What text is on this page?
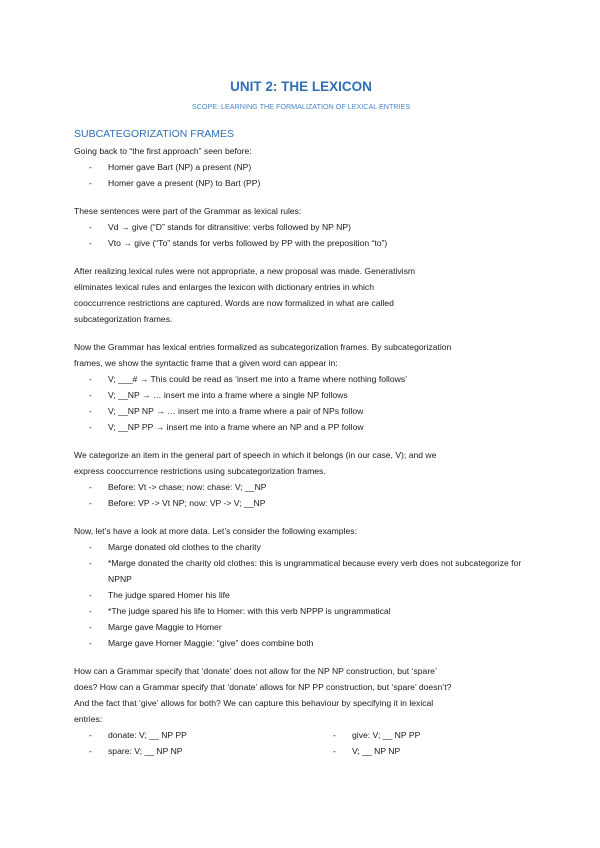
UNIT 2: THE LEXICON
SCOPE: LEARNING THE FORMALIZATION OF LEXICAL ENTRIES
SUBCATEGORIZATION FRAMES

Going back to “the first approach” seen before:

- Homer gave Bart (NP) a present (NP)
- Homer gave a present (NP) to Bart (PP)

These sentences were part of the Grammar as lexical rules:

- Vd → give (“D” stands for ditransitive: verbs followed by NP NP)
- Vto → give (“To” stands for verbs followed by PP with the preposition “to”)

After realizing lexical rules were not appropriate, a new proposal was made. Generativism

eliminates lexical rules and enlarges the lexicon with dictionary entries in which

cooccurrence restrictions are captured. Words are now formalized in what are called

subcategorization frames.

Now the Grammar has lexical entries formalized as subcategorization frames. By subcategorization

frames, we show the syntactic frame that a given word can appear in:

- V; ___# → This could be read as ‘insert me into a frame where nothing follows’
- V; __NP → … insert me into a frame where a single NP follows
- V; __NP NP → … insert me into a frame where a pair of NPs follow
- V; __NP PP → insert me into a frame where an NP and a PP follow

We categorize an item in the general part of speech in which it belongs (in our case, V); and we

express cooccurrence restrictions using subcategorization frames.

- Before: Vt -> chase; now: chase: V; __NP
- Before: VP -> Vt NP; now: VP -> V; __NP

Now, let’s have a look at more data. Let’s consider the following examples:

- Marge donated old clothes to the charity
- *Marge donated the charity old clothes: this is ungrammatical because every verb does not subcategorize for NPNP
- The judge spared Homer his life
- *The judge spared his life to Homer: with this verb NPPP is ungrammatical
- Marge gave Maggie to Homer
- Marge gave Homer Maggie: “give” does combine both

How can a Grammar specify that ‘donate’ does not allow for the NP NP construction, but ‘spare’

does? How can a Grammar specify that ‘donate’ allows for NP PP construction, but ‘spare’ doesn’t?

And the fact that ‘give’ allows for both? We can capture this behaviour by specifying it in lexical

entries:

- donate: V; __ NP PP
- spare: V; __ NP NP
- give: V; __ NP PP
- V; __ NP NP
